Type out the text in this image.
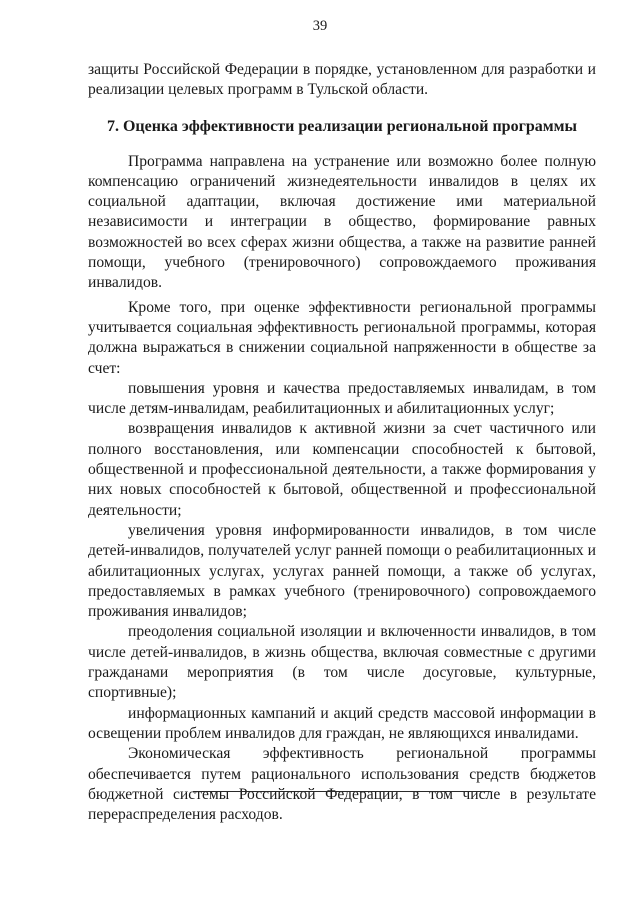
39

защиты Российской Федерации в порядке, установленном для разработки и реализации целевых программ в Тульской области.

7. Оценка эффективности реализации региональной программы

Программа направлена на устранение или возможно более полную компенсацию ограничений жизнедеятельности инвалидов в целях их социальной адаптации, включая достижение ими материальной независимости и интеграции в общество, формирование равных возможностей во всех сферах жизни общества, а также на развитие ранней помощи, учебного (тренировочного) сопровождаемого проживания инвалидов.

Кроме того, при оценке эффективности региональной программы учитывается социальная эффективность региональной программы, которая должна выражаться в снижении социальной напряженности в обществе за счет:

повышения уровня и качества предоставляемых инвалидам, в том числе детям-инвалидам, реабилитационных и абилитационных услуг;

возвращения инвалидов к активной жизни за счет частичного или полного восстановления, или компенсации способностей к бытовой, общественной и профессиональной деятельности, а также формирования у них новых способностей к бытовой, общественной и профессиональной деятельности;

увеличения уровня информированности инвалидов, в том числе детей-инвалидов, получателей услуг ранней помощи о реабилитационных и абилитационных услугах, услугах ранней помощи, а также об услугах, предоставляемых в рамках учебного (тренировочного) сопровождаемого проживания инвалидов;

преодоления социальной изоляции и включенности инвалидов, в том числе детей-инвалидов, в жизнь общества, включая совместные с другими гражданами мероприятия (в том числе досуговые, культурные, спортивные);

информационных кампаний и акций средств массовой информации в освещении проблем инвалидов для граждан, не являющихся инвалидами.

Экономическая эффективность региональной программы обеспечивается путем рационального использования средств бюджетов бюджетной системы Российской Федерации, в том числе в результате перераспределения расходов.
